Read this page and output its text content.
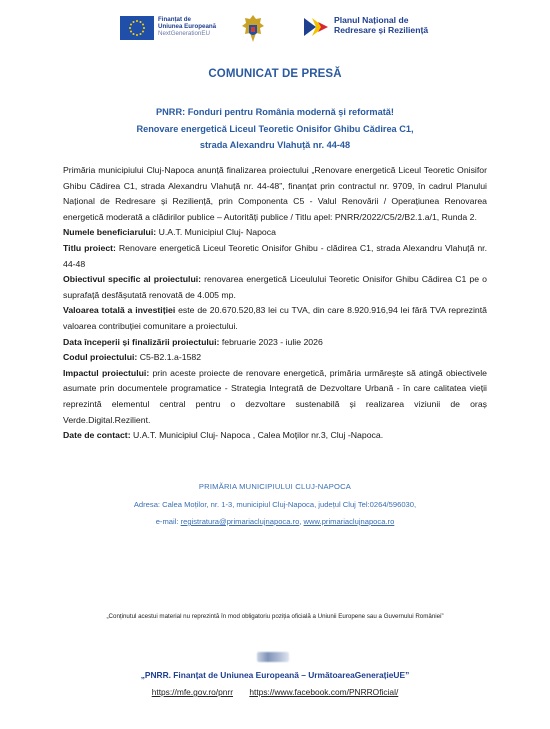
Finanțat de
Uniunea Europeană
NextGenerationEU
Planul Național de
Redresare și Reziliență
COMUNICAT DE PRESĂ
PNRR: Fonduri pentru România modernă și reformată!
Renovare energetică Liceul Teoretic Onisifor Ghibu Cădirea C1,
strada Alexandru Vlahuță nr. 44-48

Primăria municipiului Cluj-Napoca anunță finalizarea proiectului „Renovare energetică Liceul Teoretic Onisifor Ghibu Cădirea C1, strada Alexandru Vlahuță nr. 44-48”, finanțat prin contractul nr. 9709, în cadrul Planului Național de Redresare și Reziliență, prin Componenta C5 - Valul Renovării / Operațiunea Renovarea energetică moderată a clădirilor publice – Autorități publice / Titlu apel: PNRR/2022/C5/2/B2.1.a/1, Runda 2.

Numele beneficiarului: U.A.T. Municipiul Cluj- Napoca

Titlu proiect: Renovare energetică Liceul Teoretic Onisifor Ghibu - clădirea C1, strada Alexandru Vlahuță nr. 44-48

Obiectivul specific al proiectului: renovarea energetică Liceulului Teoretic Onisifor Ghibu Cădirea C1 pe o suprafață desfășutată renovată de 4.005 mp.

Valoarea totală a investiției este de 20.670.520,83 lei cu TVA, din care 8.920.916,94 lei fără TVA reprezintă valoarea contribuției comunitare a proiectului.

Data începerii și finalizării proiectului: februarie 2023 - iulie 2026

Codul proiectului: C5-B2.1.a-1582

Impactul proiectului: prin aceste proiecte de renovare energetică, primăria urmărește să atingă obiectivele asumate prin documentele programatice - Strategia Integrată de Dezvoltare Urbană - în care calitatea vieții reprezintă elementul central pentru o dezvoltare sustenabilă și realizarea viziunii de oraș Verde.Digital.Rezilient.

Date de contact: U.A.T. Municipiul Cluj- Napoca , Calea Moților nr.3, Cluj -Napoca.

PRIMĂRIA MUNICIPIULUI CLUJ-NAPOCA
Adresa: Calea Moților, nr. 1-3, municipiul Cluj-Napoca, județul Cluj Tel:0264/596030,
e-mail: registratura@primariaclujnapoca.ro, www.primariaclujnapoca.ro
„Conținutul acestui material nu reprezintă în mod obligatoriu poziția oficială a Uniunii Europene sau a Guvernului României”
„PNRR. Finanțat de Uniunea Europeană – UrmătoareaGenerațieUE”
https://mfe.gov.ro/pnrr https://www.facebook.com/PNRROficial/
